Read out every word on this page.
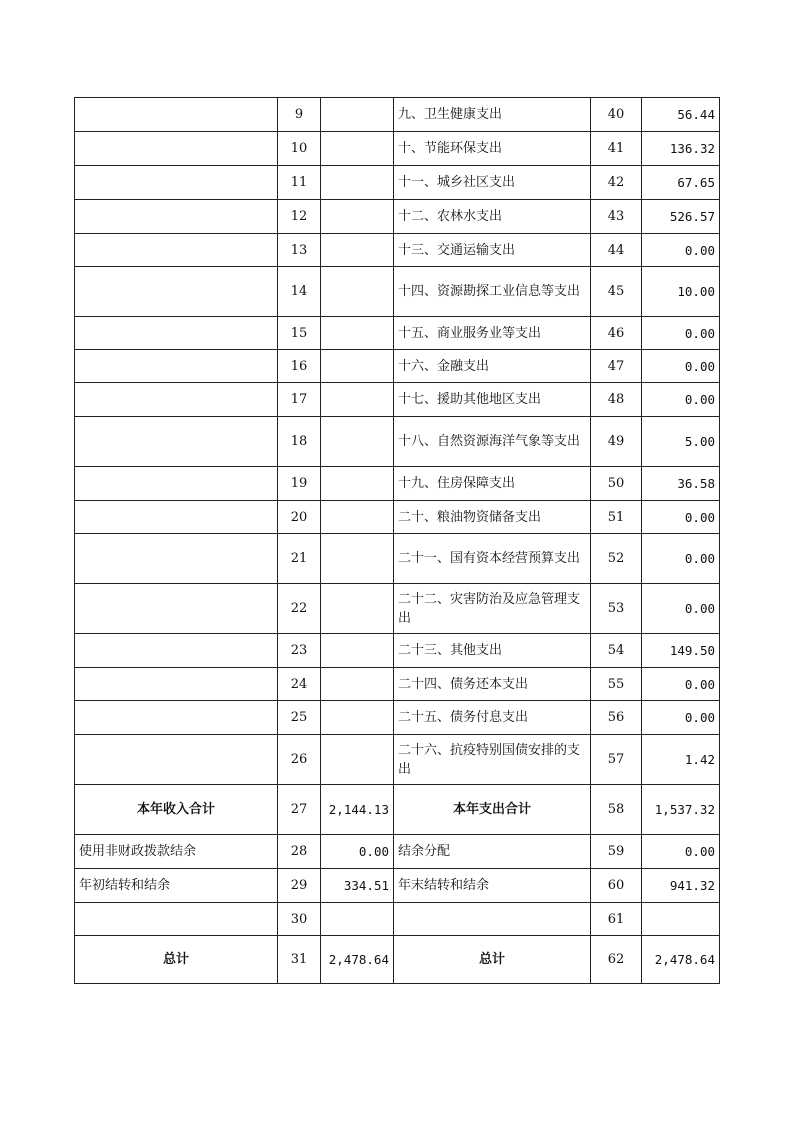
	9		九、卫生健康支出	40	56.44
	10		十、节能环保支出	41	136.32
	11		十一、城乡社区支出	42	67.65
	12		十二、农林水支出	43	526.57
	13		十三、交通运输支出	44	0.00
	14		十四、资源勘探工业信息等支出	45	10.00
	15		十五、商业服务业等支出	46	0.00
	16		十六、金融支出	47	0.00
	17		十七、援助其他地区支出	48	0.00
	18		十八、自然资源海洋气象等支出	49	5.00
	19		十九、住房保障支出	50	36.58
	20		二十、粮油物资储备支出	51	0.00
	21		二十一、国有资本经营预算支出	52	0.00
	22		二十二、灾害防治及应急管理支出	53	0.00
	23		二十三、其他支出	54	149.50
	24		二十四、债务还本支出	55	0.00
	25		二十五、债务付息支出	56	0.00
	26		二十六、抗疫特别国债安排的支出	57	1.42
本年收入合计	27	2,144.13	本年支出合计	58	1,537.32
使用非财政拨款结余	28	0.00	结余分配	59	0.00
年初结转和结余	29	334.51	年末结转和结余	60	941.32
	30			61	
总计	31	2,478.64	总计	62	2,478.64
